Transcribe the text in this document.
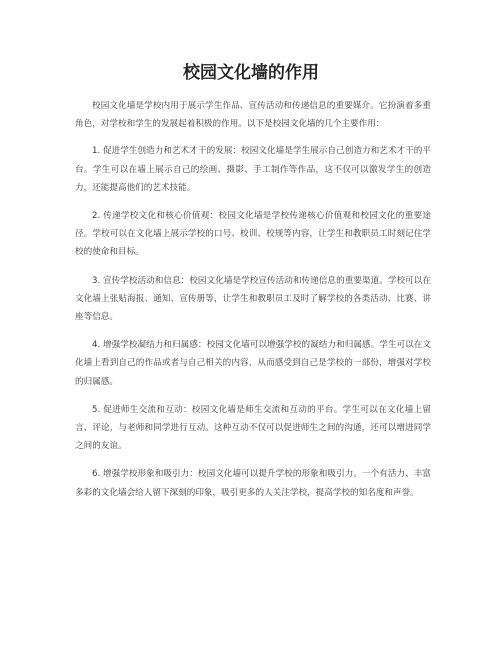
校园文化墙的作用

校园文化墙是学校内用于展示学生作品、宣传活动和传递信息的重要媒介。它扮演着多重角色，对学校和学生的发展起着积极的作用。以下是校园文化墙的几个主要作用：

1. 促进学生创造力和艺术才干的发展：校园文化墙是学生展示自己创造力和艺术才干的平台。学生可以在墙上展示自己的绘画、摄影、手工制作等作品，这不仅可以激发学生的创造力，还能提高他们的艺术技能。

2. 传递学校文化和核心价值观：校园文化墙是学校传递核心价值观和校园文化的重要途径。学校可以在文化墙上展示学校的口号、校训、校规等内容，让学生和教职员工时刻记住学校的使命和目标。

3. 宣传学校活动和信息：校园文化墙是学校宣传活动和传递信息的重要渠道。学校可以在文化墙上张贴海报、通知、宣传册等，让学生和教职员工及时了解学校的各类活动、比赛、讲座等信息。

4. 增强学校凝结力和归属感：校园文化墙可以增强学校的凝结力和归属感。学生可以在文化墙上看到自己的作品或者与自己相关的内容，从而感受到自己是学校的一部份，增强对学校的归属感。

5. 促进师生交流和互动：校园文化墙是师生交流和互动的平台。学生可以在文化墙上留言、评论，与老师和同学进行互动。这种互动不仅可以促进师生之间的沟通，还可以增进同学之间的友谊。

6. 增强学校形象和吸引力：校园文化墙可以提升学校的形象和吸引力。一个有活力、丰富多彩的文化墙会给人留下深刻的印象，吸引更多的人关注学校，提高学校的知名度和声誉。
